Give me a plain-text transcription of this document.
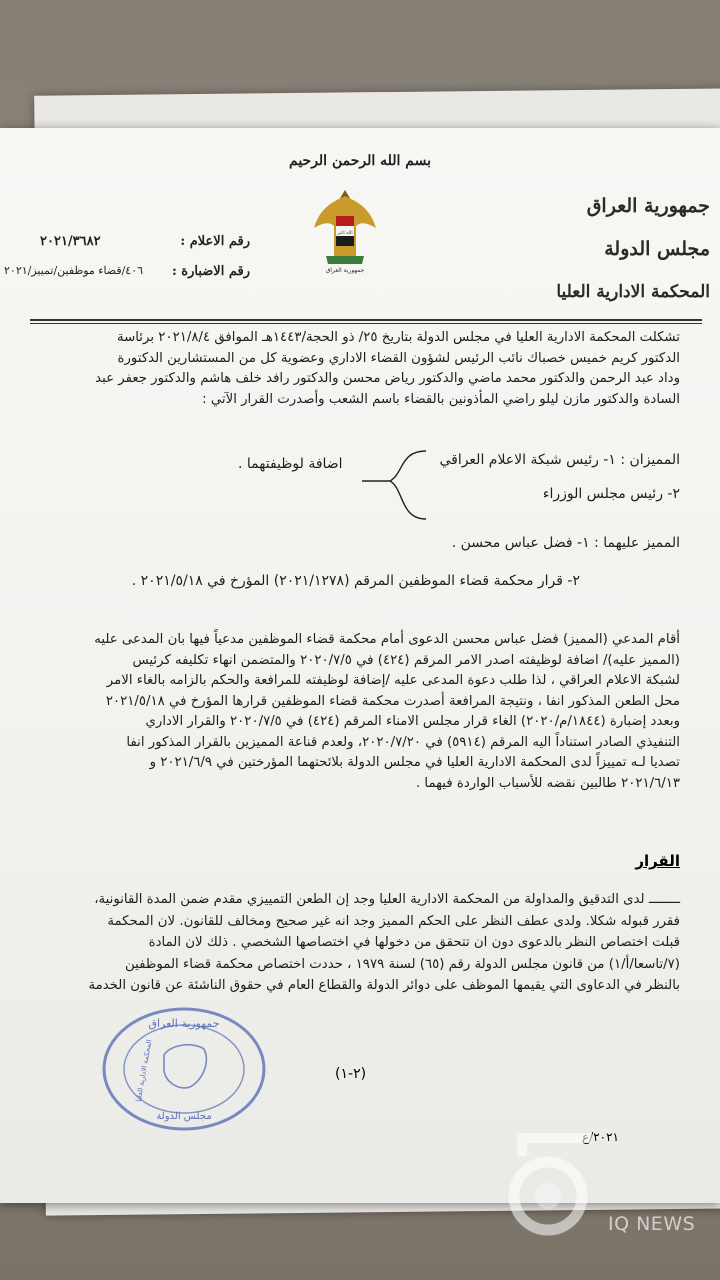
بسم الله الرحمن الرحيم
الله اكبر
جمهورية العراق
جمهورية العراق
مجلس الدولة
المحكمة الادارية العليا
رقم الاعلام :
٢٠٢١/٣٦٨٢
رقم الاضبارة :
٤٠٦/قضاء موظفين/تمييز/٢٠٢١
تشكلت المحكمة الادارية العليا في مجلس الدولة بتاريخ ٢٥/ ذو الحجة/١٤٤٣هـ الموافق ٢٠٢١/٨/٤ برئاسة
الدكتور كريم خميس خصباك نائب الرئيس لشؤون القضاء الاداري وعضوية كل من المستشارين الدكتورة
وداد عبد الرحمن والدكتور محمد ماضي والدكتور رياض محسن والدكتور رافد خلف هاشم والدكتور جعفر عبد
السادة والدكتور مازن ليلو راضي المأذونين بالقضاء باسم الشعب وأصدرت القرار الآتي :
المميزان : ١- رئيس شبكة الاعلام العراقي
٢- رئيس مجلس الوزراء
اضافة لوظيفتهما .
المميز عليهما : ١- فضل عباس محسن .
٢- قرار محكمة قضاء الموظفين المرقم (٢٠٢١/١٢٧٨) المؤرخ في ٢٠٢١/٥/١٨ .
أقام المدعي (المميز) فضل عباس محسن الدعوى أمام محكمة قضاء الموظفين مدعياً فيها بان المدعى عليه
(المميز عليه)/ اضافة لوظيفته اصدر الامر المرقم (٤٢٤) في ٢٠٢٠/٧/٥ والمتضمن انهاء تكليفه كرئيس
لشبكة الاعلام العراقي ، لذا طلب دعوة المدعى عليه /إضافة لوظيفته للمرافعة والحكم بالزامه بالغاء الامر
محل الطعن المذكور انفا ، ونتيجة المرافعة أصدرت محكمة قضاء الموظفين قرارها المؤرخ في ٢٠٢١/٥/١٨
وبعدد إضبارة (١٨٤٤/م/٢٠٢٠) الغاء قرار مجلس الامناء المرقم (٤٢٤) في ٢٠٢٠/٧/٥ والقرار الاداري
التنفيذي الصادر استناداً اليه المرقم (٥٩١٤) في ٢٠٢٠/٧/٢٠، ولعدم قناعة المميزين بالقرار المذكور انفا
تصديا لـه تمييزاً لدى المحكمة الادارية العليا في مجلس الدولة بلائحتهما المؤرختين في ٢٠٢١/٦/٩ و
٢٠٢١/٦/١٣ طالبين نقضه للأسباب الواردة فيهما .
القرار
ــــــــ لدى التدقيق والمداولة من المحكمة الادارية العليا وجد إن الطعن التمييزي مقدم ضمن المدة القانونية،
فقرر قبوله شكلا. ولدى عطف النظر على الحكم المميز وجد انه غير صحيح ومخالف للقانون. لان المحكمة
قبلت اختصاص النظر بالدعوى دون ان تتحقق من دخولها في اختصاصها الشخصي . ذلك لان المادة
(٧/تاسعا/أ/١) من قانون مجلس الدولة رقم (٦٥) لسنة ١٩٧٩ ، حددت اختصاص محكمة قضاء الموظفين
بالنظر في الدعاوى التي يقيمها الموظف على دوائر الدولة والقطاع العام في حقوق الناشئة عن قانون الخدمة
جمهورية العراق
المحكمة الادارية العليا
مجلس الدولة
(٢-١)
٢٠٢١/ع
IQ NEWS
